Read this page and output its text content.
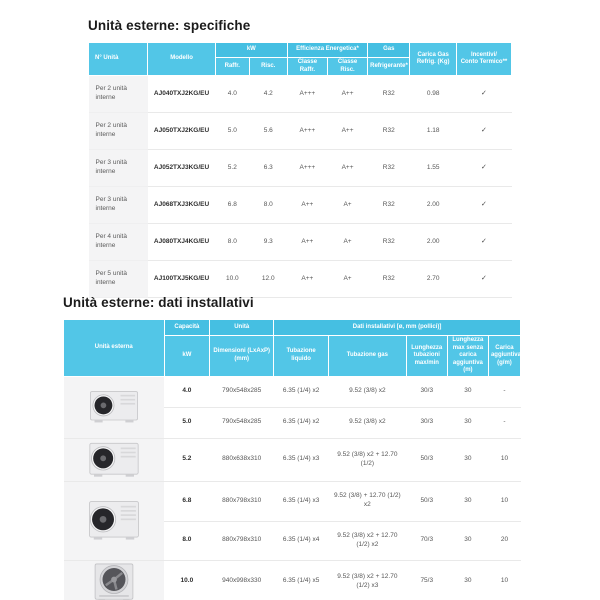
Unità esterne: specifiche
N° Unità	Modello	kW		Efficienza Energetica*		Gas	Carica Gas
Refrig. (Kg)	Incentivi/
Conto Termico**
		Raffr.	Risc.	Classe Raffr.	Classe Risc.	Refrigerante*		
Per 2 unità interne	AJ040TXJ2KG/EU	4.0	4.2	A+++	A++	R32	0.98	✓
Per 2 unità interne	AJ050TXJ2KG/EU	5.0	5.6	A+++	A++	R32	1.18	✓
Per 3 unità interne	AJ052TXJ3KG/EU	5.2	6.3	A+++	A++	R32	1.55	✓
Per 3 unità interne	AJ068TXJ3KG/EU	6.8	8.0	A++	A+	R32	2.00	✓
Per 4 unità interne	AJ080TXJ4KG/EU	8.0	9.3	A++	A+	R32	2.00	✓
Per 5 unità interne	AJ100TXJ5KG/EU	10.0	12.0	A++	A+	R32	2.70	✓
Unità esterne: dati installativi
Unità esterna	Capacità	Unità	Dati installativi [ø, mm (pollici)]				
	kW	Dimensioni (LxAxP) (mm)	Tubazione liquido	Tubazione gas	Lunghezza tubazioni max/min	Lunghezza max senza carica aggiuntiva (m)	Carica aggiuntiva (g/m)

	4.0	790x548x285	6.35 (1/4) x2	9.52 (3/8) x2	30/3	30	-
	5.0	790x548x285	6.35 (1/4) x2	9.52 (3/8) x2	30/3	30	-

	5.2	880x638x310	6.35 (1/4) x3	9.52 (3/8) x2 + 12.70 (1/2)	50/3	30	10

	6.8	880x798x310	6.35 (1/4) x3	9.52 (3/8) + 12.70 (1/2) x2	50/3	30	10
	8.0	880x798x310	6.35 (1/4) x4	9.52 (3/8) x2 + 12.70 (1/2) x2	70/3	30	20

	10.0	940x998x330	6.35 (1/4) x5	9.52 (3/8) x2 + 12.70 (1/2) x3	75/3	30	10
